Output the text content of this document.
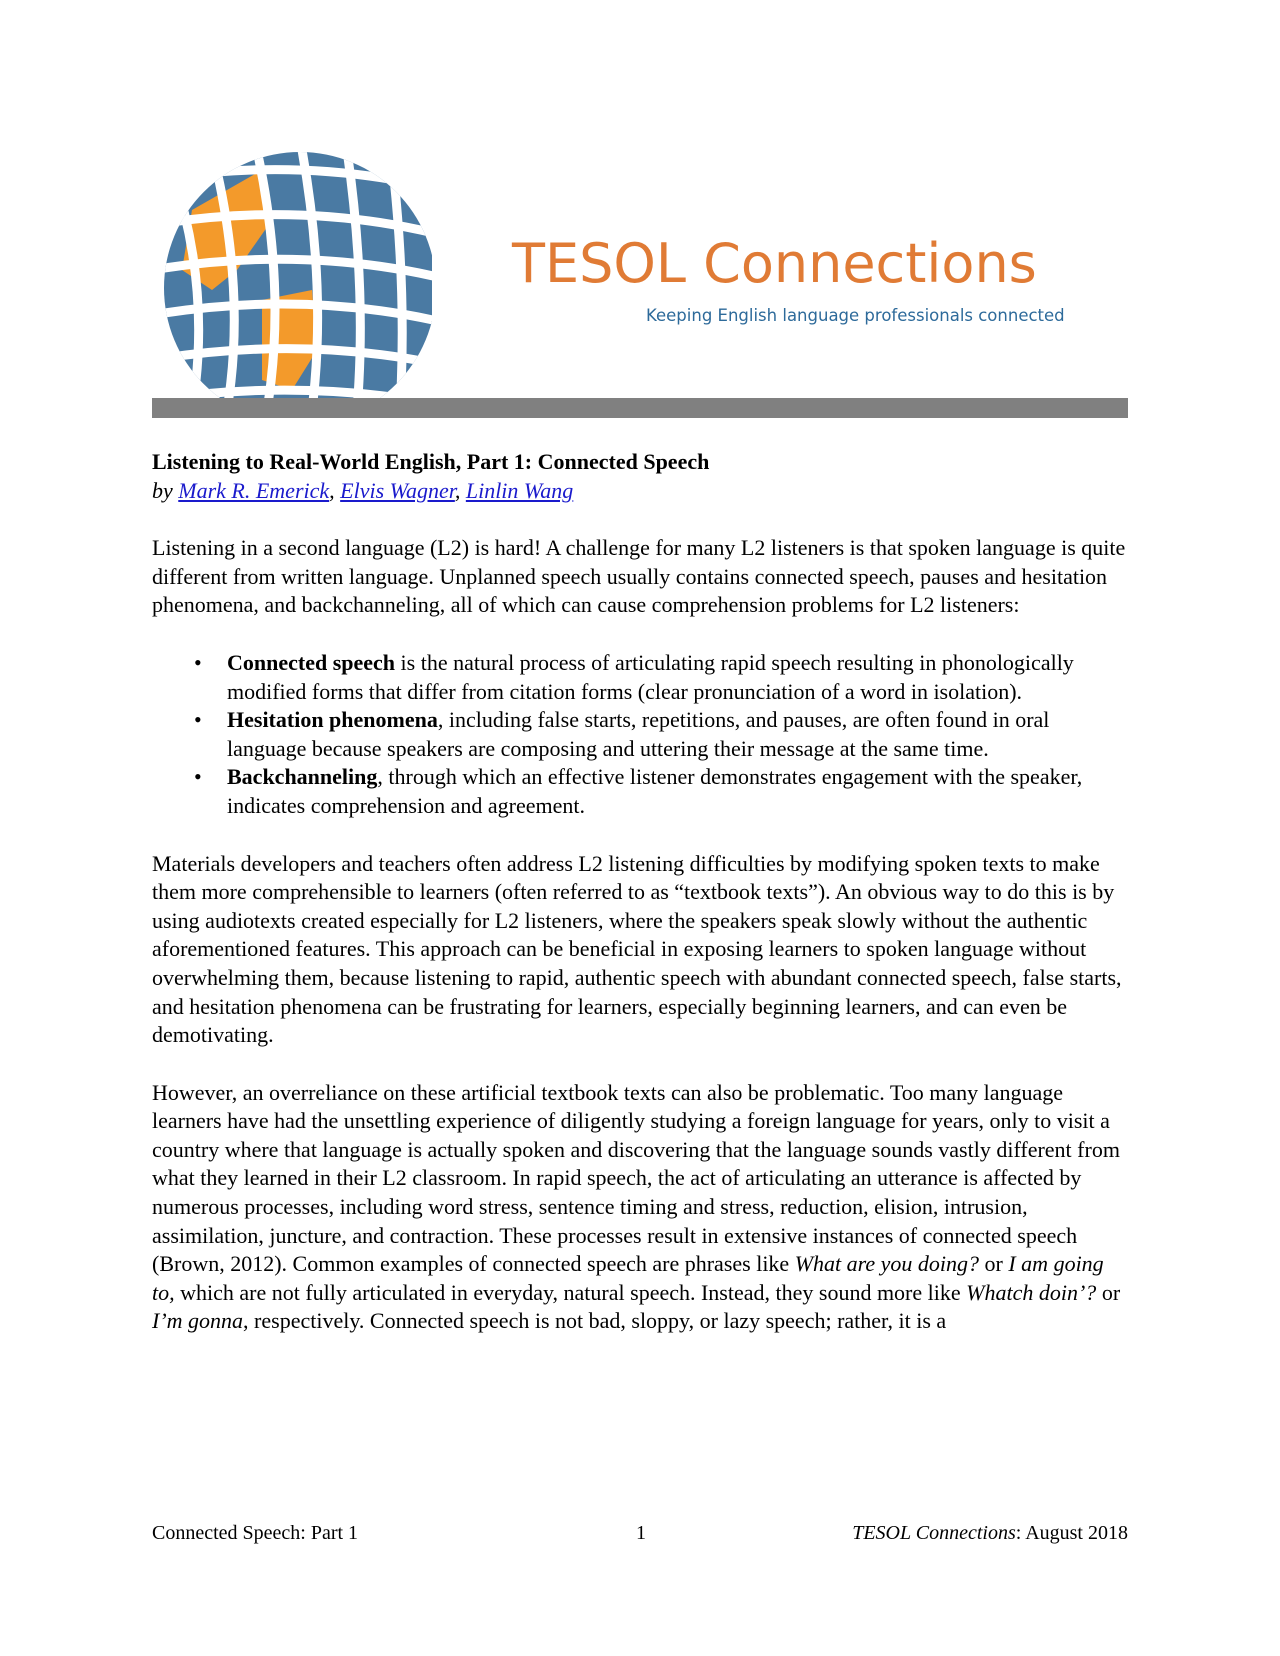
TESOL Connections
Keeping English language professionals connected

Listening to Real-World English, Part 1: Connected Speech

by Mark R. Emerick, Elvis Wagner, Linlin Wang

Listening in a second language (L2) is hard! A challenge for many L2 listeners is that spoken language is quite different from written language. Unplanned speech usually contains connected speech, pauses and hesitation phenomena, and backchanneling, all of which can cause comprehension problems for L2 listeners:

• Connected speech is the natural process of articulating rapid speech resulting in phonologically modified forms that differ from citation forms (clear pronunciation of a word in isolation).
• Hesitation phenomena, including false starts, repetitions, and pauses, are often found in oral language because speakers are composing and uttering their message at the same time.
• Backchanneling, through which an effective listener demonstrates engagement with the speaker, indicates comprehension and agreement.

Materials developers and teachers often address L2 listening difficulties by modifying spoken texts to make them more comprehensible to learners (often referred to as “textbook texts”). An obvious way to do this is by using audiotexts created especially for L2 listeners, where the speakers speak slowly without the authentic aforementioned features. This approach can be beneficial in exposing learners to spoken language without overwhelming them, because listening to rapid, authentic speech with abundant connected speech, false starts, and hesitation phenomena can be frustrating for learners, especially beginning learners, and can even be demotivating.

However, an overreliance on these artificial textbook texts can also be problematic. Too many language learners have had the unsettling experience of diligently studying a foreign language for years, only to visit a country where that language is actually spoken and discovering that the language sounds vastly different from what they learned in their L2 classroom. In rapid speech, the act of articulating an utterance is affected by numerous processes, including word stress, sentence timing and stress, reduction, elision, intrusion, assimilation, juncture, and contraction. These processes result in extensive instances of connected speech (Brown, 2012). Common examples of connected speech are phrases like What are you doing? or I am going to, which are not fully articulated in everyday, natural speech. Instead, they sound more like Whatch doin’? or I’m gonna, respectively. Connected speech is not bad, sloppy, or lazy speech; rather, it is a

Connected Speech: Part 1	1	TESOL Connections: August 2018
